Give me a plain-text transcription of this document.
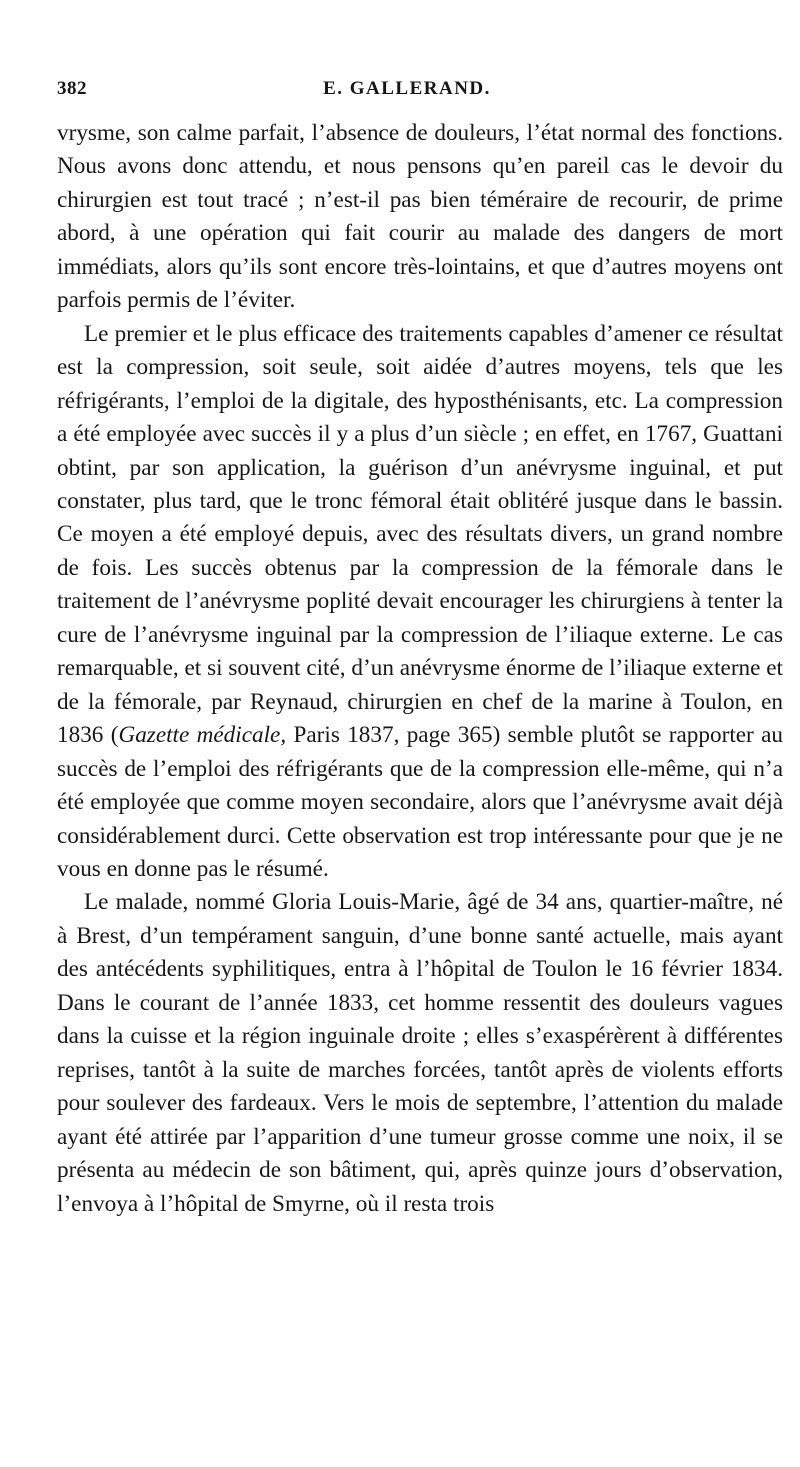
382	E. GALLERAND.

vrysme, son calme parfait, l’absence de douleurs, l’état normal des fonctions. Nous avons donc attendu, et nous pensons qu’en pareil cas le devoir du chirurgien est tout tracé ; n’est-il pas bien téméraire de recourir, de prime abord, à une opération qui fait courir au malade des dangers de mort immédiats, alors qu’ils sont encore très-lointains, et que d’autres moyens ont parfois permis de l’éviter.

Le premier et le plus efficace des traitements capables d’amener ce résultat est la compression, soit seule, soit aidée d’autres moyens, tels que les réfrigérants, l’emploi de la digitale, des hyposthénisants, etc. La compression a été employée avec succès il y a plus d’un siècle ; en effet, en 1767, Guattani obtint, par son application, la guérison d’un anévrysme inguinal, et put constater, plus tard, que le tronc fémoral était oblitéré jusque dans le bassin. Ce moyen a été employé depuis, avec des résultats divers, un grand nombre de fois. Les succès obtenus par la compression de la fémorale dans le traitement de l’anévrysme poplité devait encourager les chirurgiens à tenter la cure de l’anévrysme inguinal par la compression de l’iliaque externe. Le cas remarquable, et si souvent cité, d’un anévrysme énorme de l’iliaque externe et de la fémorale, par Reynaud, chirurgien en chef de la marine à Toulon, en 1836 (Gazette médicale, Paris 1837, page 365) semble plutôt se rapporter au succès de l’emploi des réfrigérants que de la compression elle-même, qui n’a été employée que comme moyen secondaire, alors que l’anévrysme avait déjà considérablement durci. Cette observation est trop intéressante pour que je ne vous en donne pas le résumé.

Le malade, nommé Gloria Louis-Marie, âgé de 34 ans, quartier-maître, né à Brest, d’un tempérament sanguin, d’une bonne santé actuelle, mais ayant des antécédents syphilitiques, entra à l’hôpital de Toulon le 16 février 1834. Dans le courant de l’année 1833, cet homme ressentit des douleurs vagues dans la cuisse et la région inguinale droite ; elles s’exaspérèrent à différentes reprises, tantôt à la suite de marches forcées, tantôt après de violents efforts pour soulever des fardeaux. Vers le mois de septembre, l’attention du malade ayant été attirée par l’apparition d’une tumeur grosse comme une noix, il se présenta au médecin de son bâtiment, qui, après quinze jours d’observation, l’envoya à l’hôpital de Smyrne, où il resta trois
